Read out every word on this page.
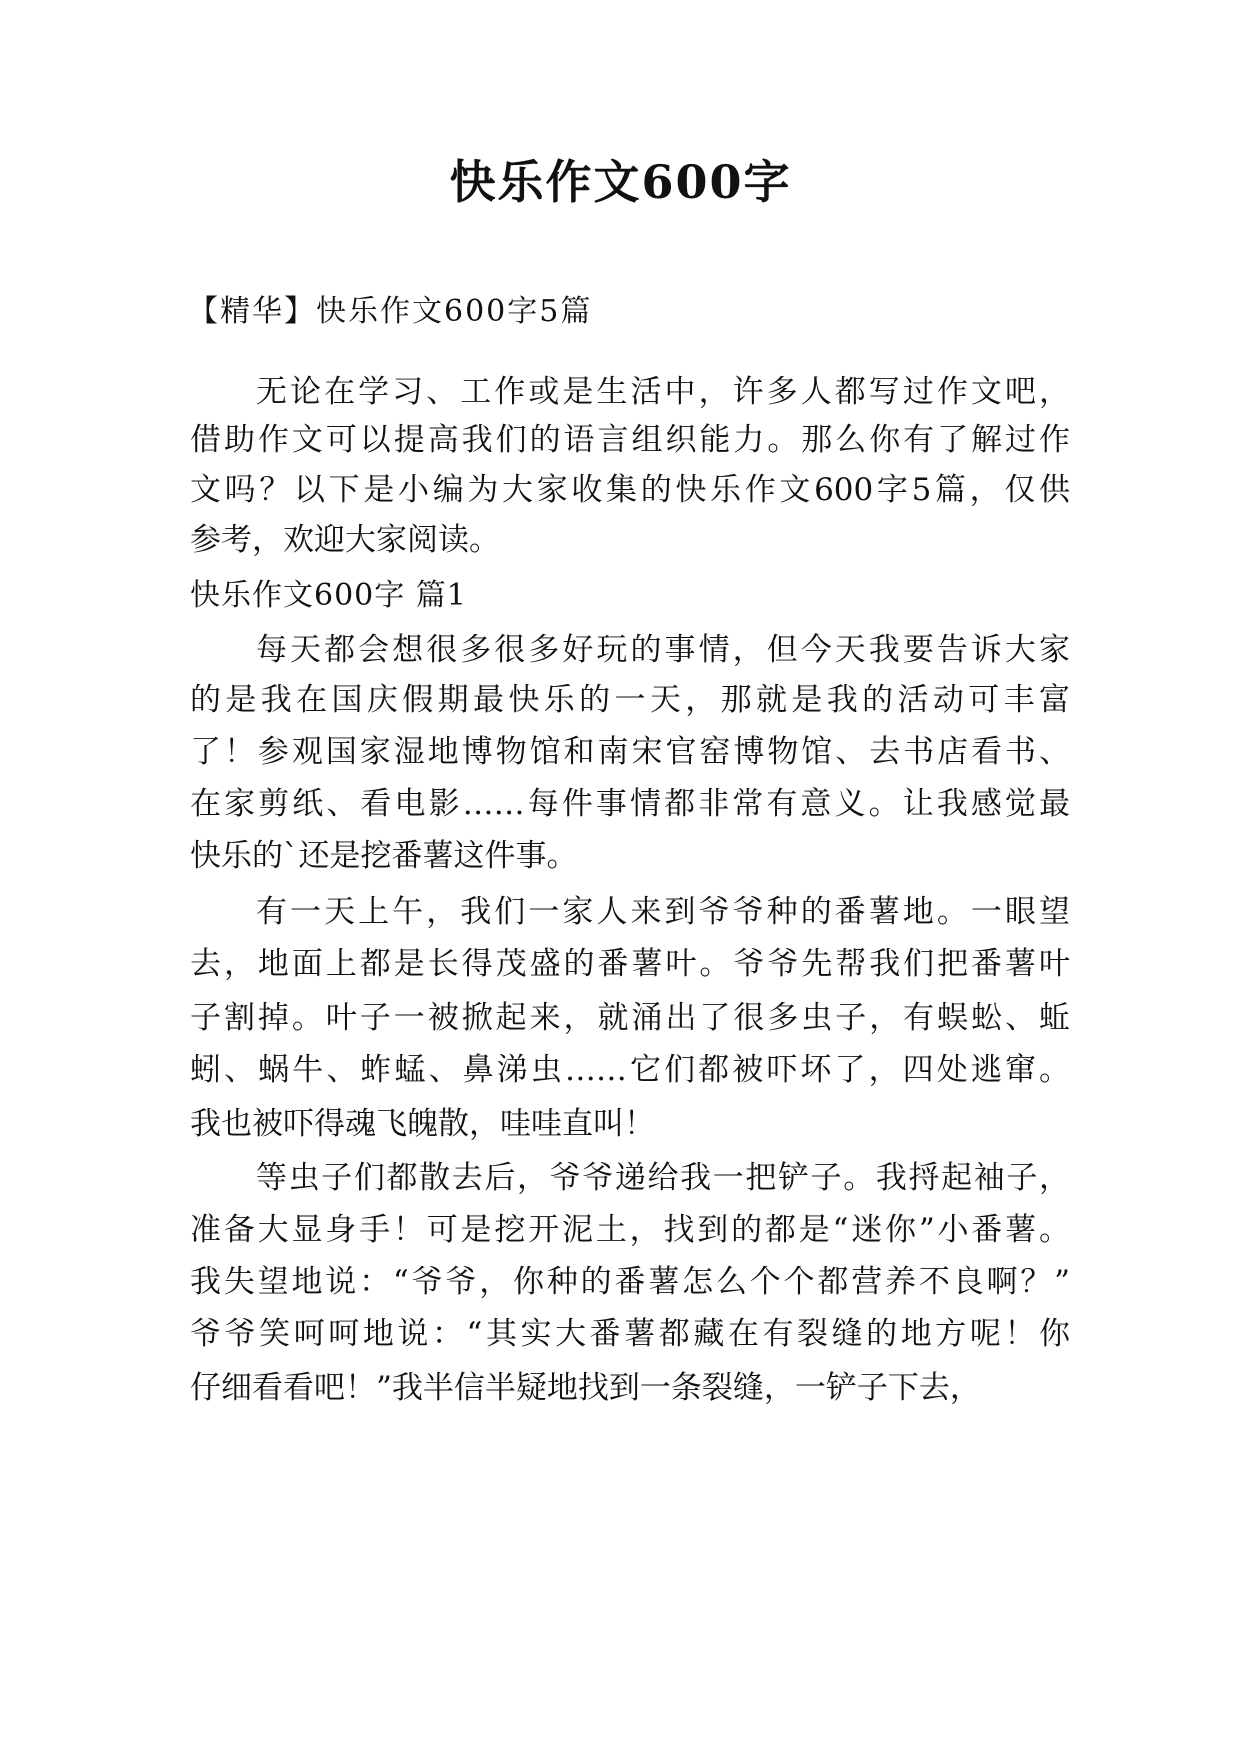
快乐作文600字

【精华】快乐作文600字5篇

无论在学习、工作或是生活中，许多人都写过作文吧，

借助作文可以提高我们的语言组织能力。那么你有了解过作

文吗？以下是小编为大家收集的快乐作文600字5篇，仅供

参考，欢迎大家阅读。

快乐作文600字 篇1

每天都会想很多很多好玩的事情，但今天我要告诉大家

的是我在国庆假期最快乐的一天，那就是我的活动可丰富

了！参观国家湿地博物馆和南宋官窑博物馆、去书店看书、

在家剪纸、看电影……每件事情都非常有意义。让我感觉最

快乐的`还是挖番薯这件事。

有一天上午，我们一家人来到爷爷种的番薯地。一眼望

去，地面上都是长得茂盛的番薯叶。爷爷先帮我们把番薯叶

子割掉。叶子一被掀起来，就涌出了很多虫子，有蜈蚣、蚯

蚓、蜗牛、蚱蜢、鼻涕虫……它们都被吓坏了，四处逃窜。

我也被吓得魂飞魄散，哇哇直叫！

等虫子们都散去后，爷爷递给我一把铲子。我捋起袖子，

准备大显身手！可是挖开泥土，找到的都是“迷你”小番薯。

我失望地说：“爷爷，你种的番薯怎么个个都营养不良啊？”

爷爷笑呵呵地说：“其实大番薯都藏在有裂缝的地方呢！你

仔细看看吧！”我半信半疑地找到一条裂缝，一铲子下去，
